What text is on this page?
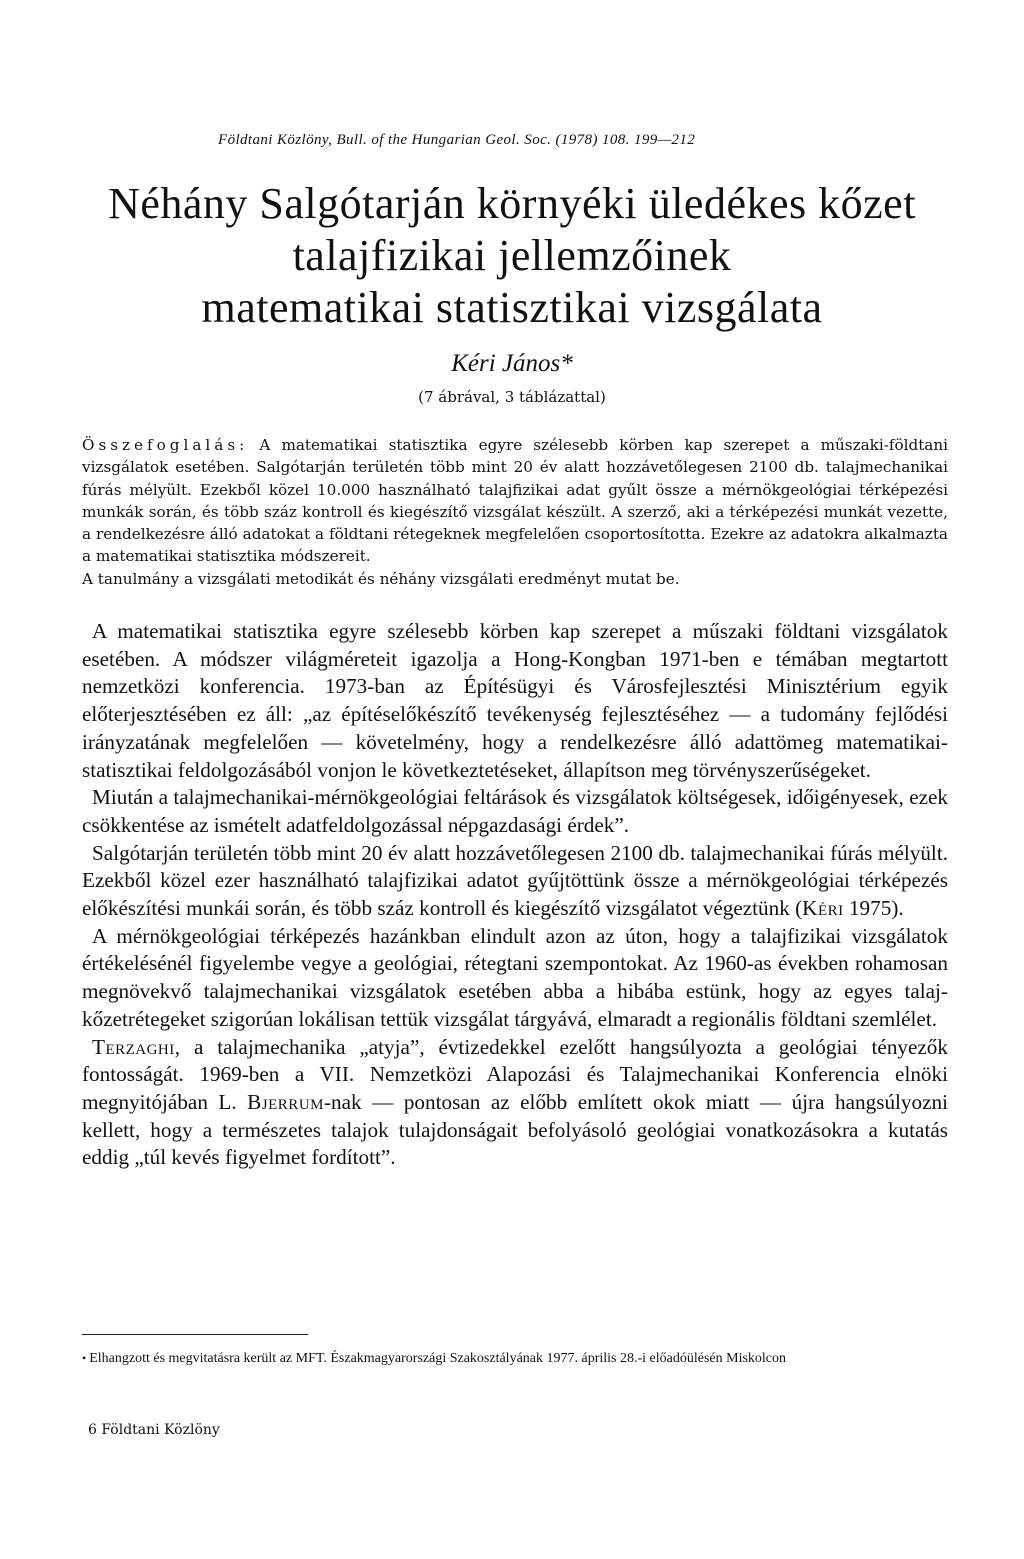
Földtani Közlöny, Bull. of the Hungarian Geol. Soc. (1978) 108. 199—212
Néhány Salgótarján környéki üledékes kőzet
talajfizikai jellemzőinek
matematikai statisztikai vizsgálata
Kéri János*
(7 ábrával, 3 táblázattal)

Összefoglalás: A matematikai statisztika egyre szélesebb körben kap szerepet a műszaki-földtani vizsgálatok esetében. Salgótarján területén több mint 20 év alatt hozzávetőlegesen 2100 db. talajmechanikai fúrás mélyült. Ezekből közel 10.000 használható talajfizikai adat gyűlt össze a mérnökgeológiai térképezési munkák során, és több száz kontroll és kiegészítő vizsgálat készült. A szerző, aki a térképezési munkát vezette, a rendelkezésre álló adatokat a földtani rétegeknek megfelelően csoportosította. Ezekre az adatokra alkalmazta a matematikai statisztika módszereit.

A tanulmány a vizsgálati metodikát és néhány vizsgálati eredményt mutat be.

A matematikai statisztika egyre szélesebb körben kap szerepet a műszaki földtani vizsgálatok esetében. A módszer világméreteit igazolja a Hong-Kongban 1971-ben e témában megtartott nemzetközi konferencia. 1973-ban az Építésügyi és Városfejlesztési Minisztérium egyik előterjesztésében ez áll: „az építéselőkészítő tevékenység fejlesztéséhez — a tudomány fejlődési irányzatának megfelelően — követelmény, hogy a rendelkezésre álló adattömeg matematikai-statisztikai feldolgozásából vonjon le következtetéseket, állapítson meg törvényszerűségeket.

Miután a talajmechanikai-mérnökgeológiai feltárások és vizsgálatok költségesek, időigényesek, ezek csökkentése az ismételt adatfeldolgozással népgazdasági érdek”.

Salgótarján területén több mint 20 év alatt hozzávetőlegesen 2100 db. talajmechanikai fúrás mélyült. Ezekből közel ezer használható talajfizikai adatot gyűjtöttünk össze a mérnökgeológiai térképezés előkészítési munkái során, és több száz kontroll és kiegészítő vizsgálatot végeztünk (Kéri 1975).

A mérnökgeológiai térképezés hazánkban elindult azon az úton, hogy a talajfizikai vizsgálatok értékelésénél figyelembe vegye a geológiai, rétegtani szempontokat. Az 1960-as években rohamosan megnövekvő talajmechanikai vizsgálatok esetében abba a hibába estünk, hogy az egyes talaj-kőzetrétegeket szigorúan lokálisan tettük vizsgálat tárgyává, elmaradt a regionális földtani szemlélet.

Terzaghi, a talajmechanika „atyja”, évtizedekkel ezelőtt hangsúlyozta a geológiai tényezők fontosságát. 1969-ben a VII. Nemzetközi Alapozási és Talajmechanikai Konferencia elnöki megnyitójában L. Bjerrum-nak — pontosan az előbb említett okok miatt — újra hangsúlyozni kellett, hogy a természetes talajok tulajdonságait befolyásoló geológiai vonatkozásokra a kutatás eddig „túl kevés figyelmet fordított”.

• Elhangzott és megvitatásra került az MFT. Északmagyarországi Szakosztályának 1977. április 28.-i előadóülésén Miskolcon

6 Földtani Közlöny
